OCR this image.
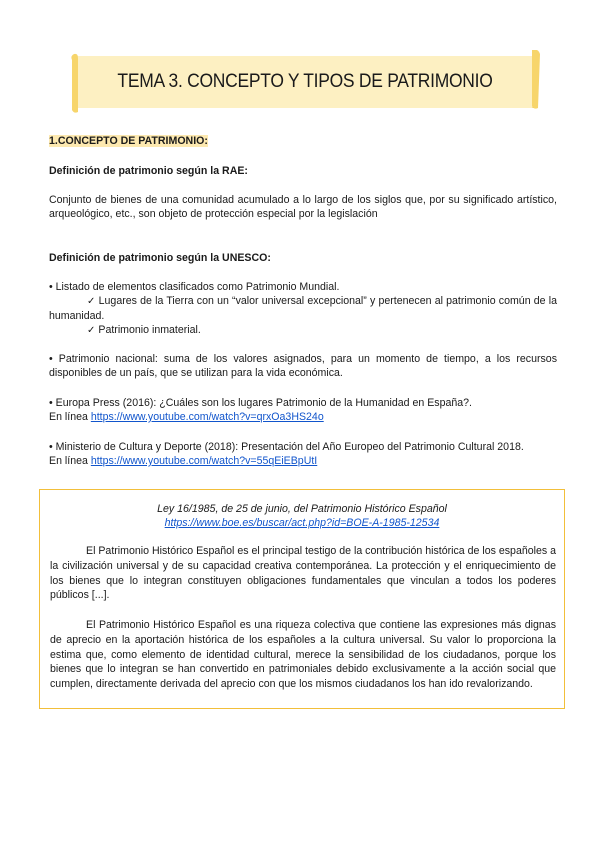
TEMA 3. CONCEPTO Y TIPOS DE PATRIMONIO
1.CONCEPTO DE PATRIMONIO:
Definición de patrimonio según la RAE:
Conjunto de bienes de una comunidad acumulado a lo largo de los siglos que, por su significado artístico, arqueológico, etc., son objeto de protección especial por la legislación
Definición de patrimonio según la UNESCO:
• Listado de elementos clasificados como Patrimonio Mundial.
✓ Lugares de la Tierra con un “valor universal excepcional” y pertenecen al patrimonio común de la humanidad.
✓ Patrimonio inmaterial.
• Patrimonio nacional: suma de los valores asignados, para un momento de tiempo, a los recursos disponibles de un país, que se utilizan para la vida económica.
• Europa Press (2016): ¿Cuáles son los lugares Patrimonio de la Humanidad en España?.
En línea https://www.youtube.com/watch?v=qrxOa3HS24o
• Ministerio de Cultura y Deporte (2018): Presentación del Año Europeo del Patrimonio Cultural 2018.
En línea https://www.youtube.com/watch?v=55qEiEBpUtI
Ley 16/1985, de 25 de junio, del Patrimonio Histórico Español
https://www.boe.es/buscar/act.php?id=BOE-A-1985-12534
El Patrimonio Histórico Español es el principal testigo de la contribución histórica de los españoles a la civilización universal y de su capacidad creativa contemporánea. La protección y el enriquecimiento de los bienes que lo integran constituyen obligaciones fundamentales que vinculan a todos los poderes públicos [...].
El Patrimonio Histórico Español es una riqueza colectiva que contiene las expresiones más dignas de aprecio en la aportación histórica de los españoles a la cultura universal. Su valor lo proporciona la estima que, como elemento de identidad cultural, merece la sensibilidad de los ciudadanos, porque los bienes que lo integran se han convertido en patrimoniales debido exclusivamente a la acción social que cumplen, directamente derivada del aprecio con que los mismos ciudadanos los han ido revalorizando.
